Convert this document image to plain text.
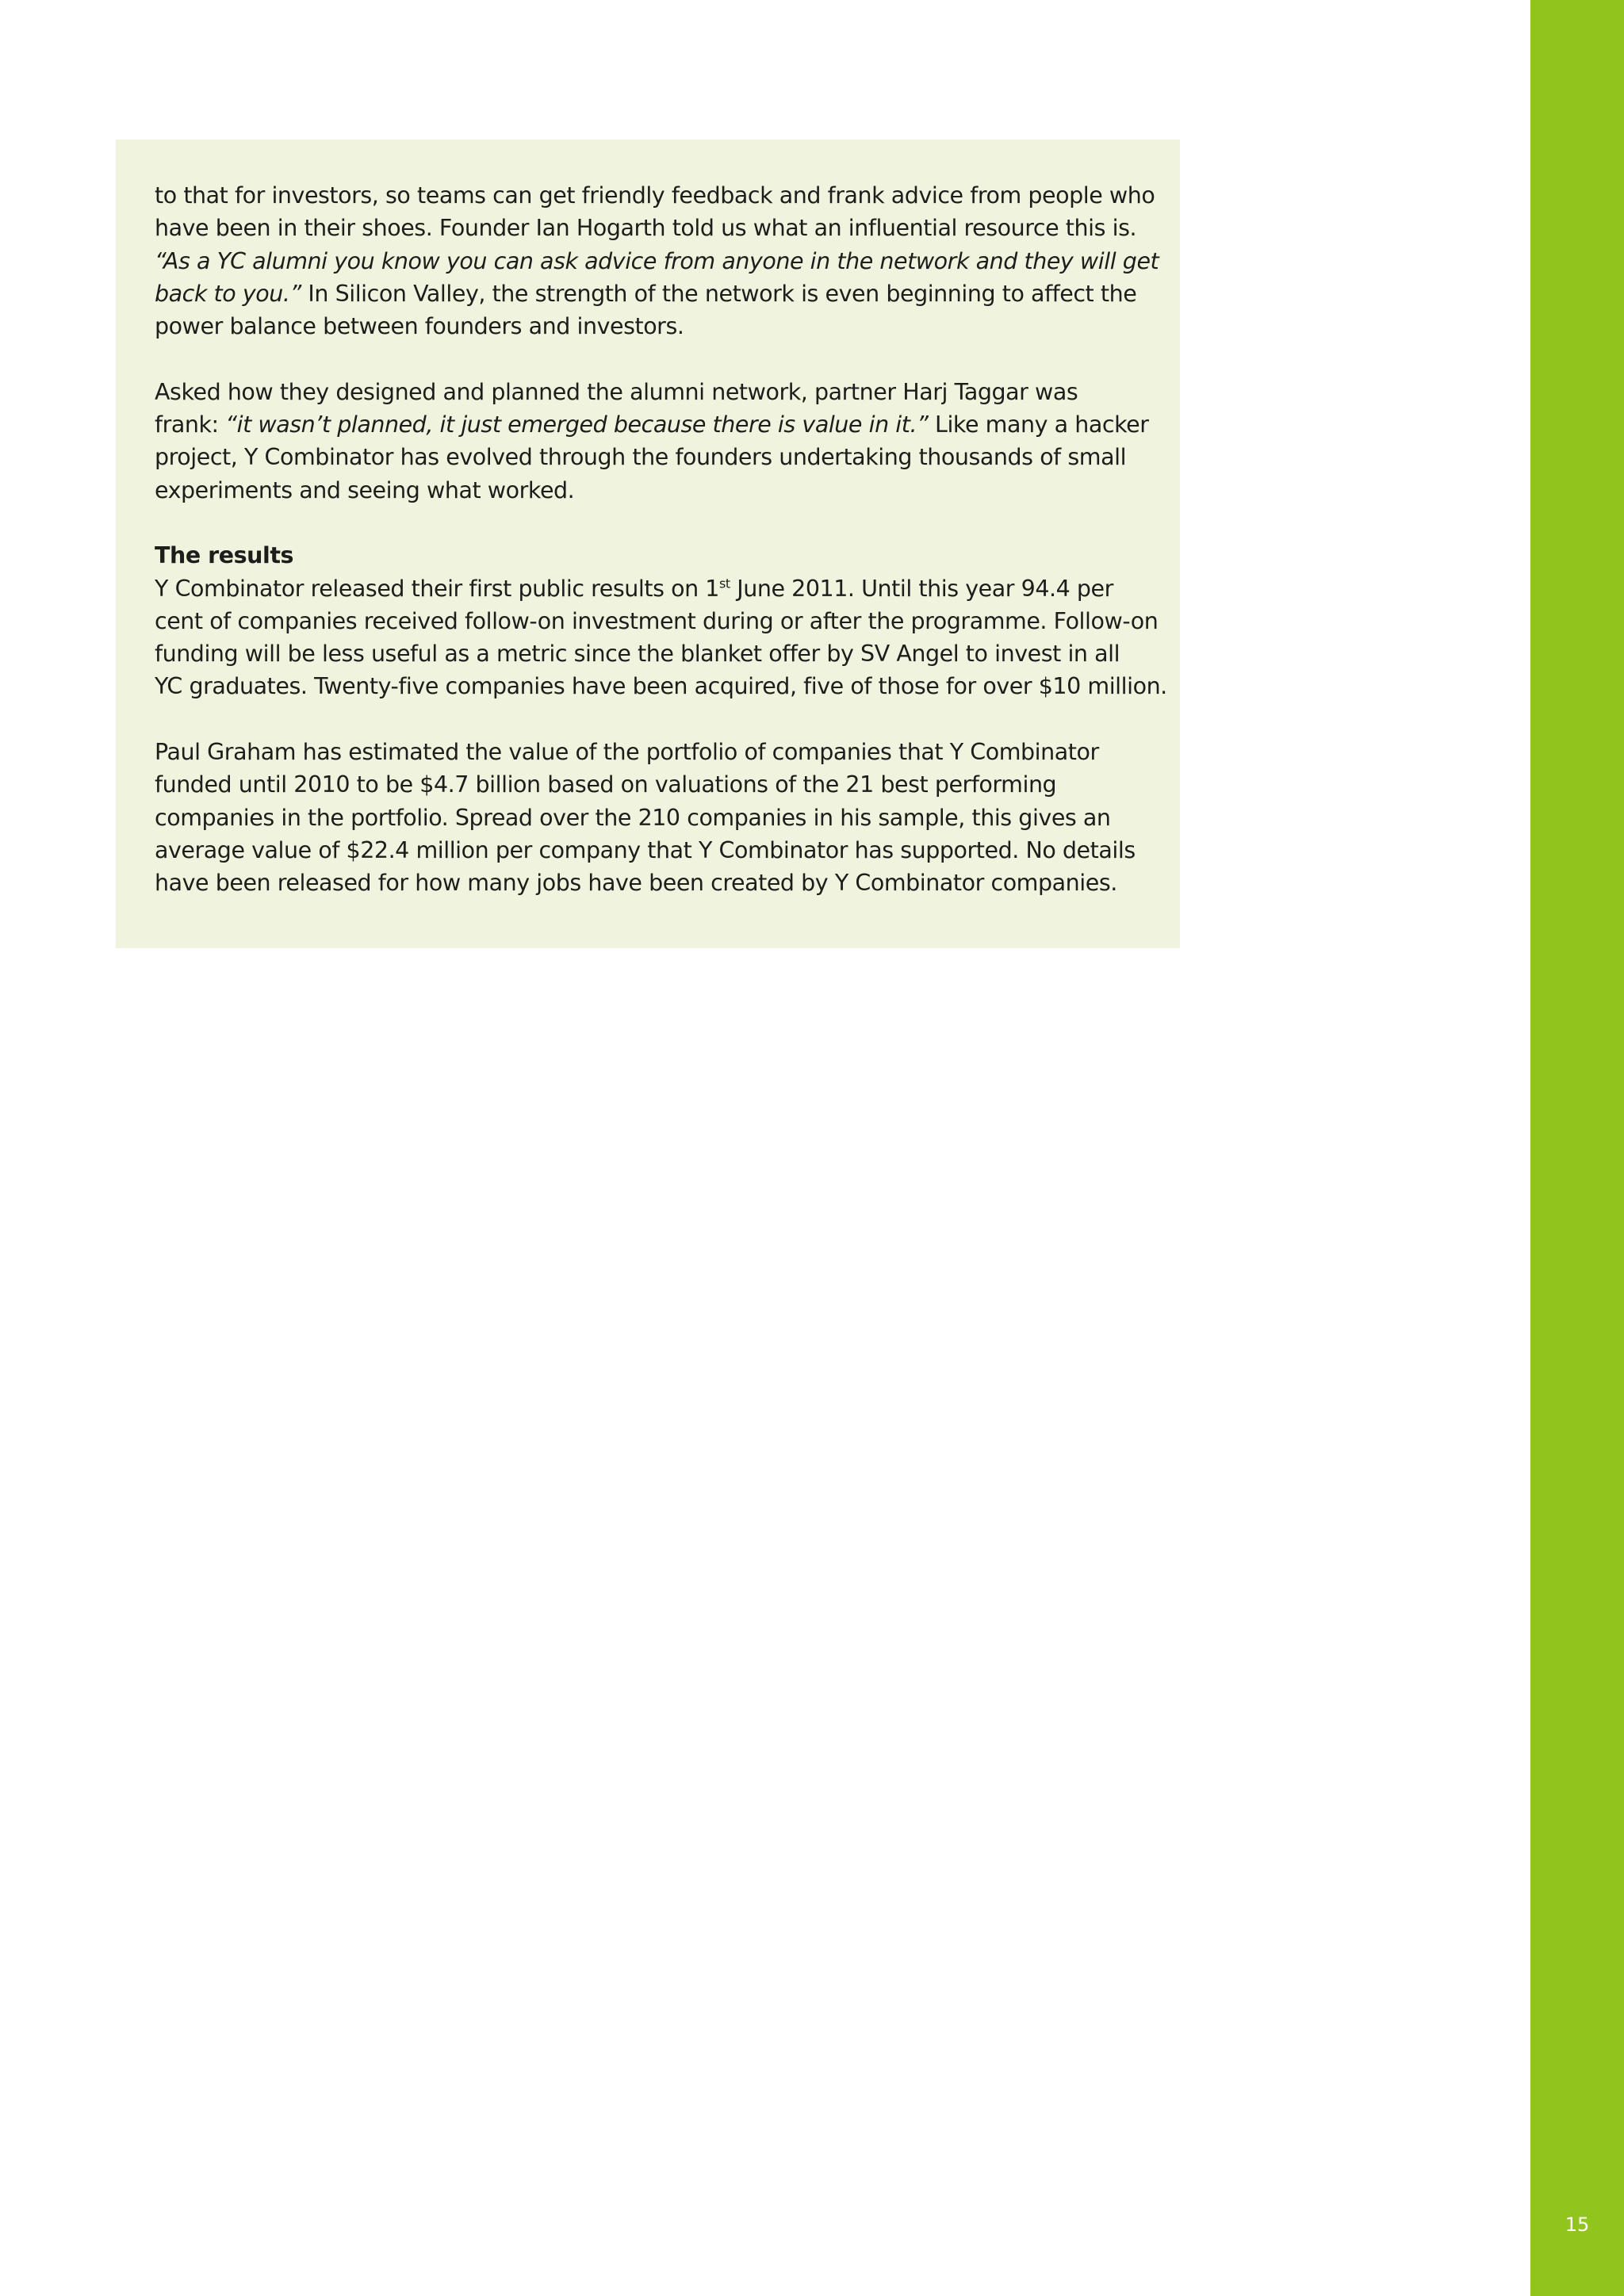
15

to that for investors, so teams can get friendly feedback and frank advice from people who
have been in their shoes. Founder Ian Hogarth told us what an influential resource this is.
“As a YC alumni you know you can ask advice from anyone in the network and they will get
back to you.” In Silicon Valley, the strength of the network is even beginning to affect the
power balance between founders and investors.

Asked how they designed and planned the alumni network, partner Harj Taggar was
frank: “it wasn’t planned, it just emerged because there is value in it.” Like many a hacker
project, Y Combinator has evolved through the founders undertaking thousands of small
experiments and seeing what worked.

The results
Y Combinator released their first public results on 1st June 2011. Until this year 94.4 per
cent of companies received follow-on investment during or after the programme. Follow-on
funding will be less useful as a metric since the blanket offer by SV Angel to invest in all
YC graduates. Twenty-five companies have been acquired, five of those for over $10 million.

Paul Graham has estimated the value of the portfolio of companies that Y Combinator
funded until 2010 to be $4.7 billion based on valuations of the 21 best performing
companies in the portfolio. Spread over the 210 companies in his sample, this gives an
average value of $22.4 million per company that Y Combinator has supported. No details
have been released for how many jobs have been created by Y Combinator companies.
